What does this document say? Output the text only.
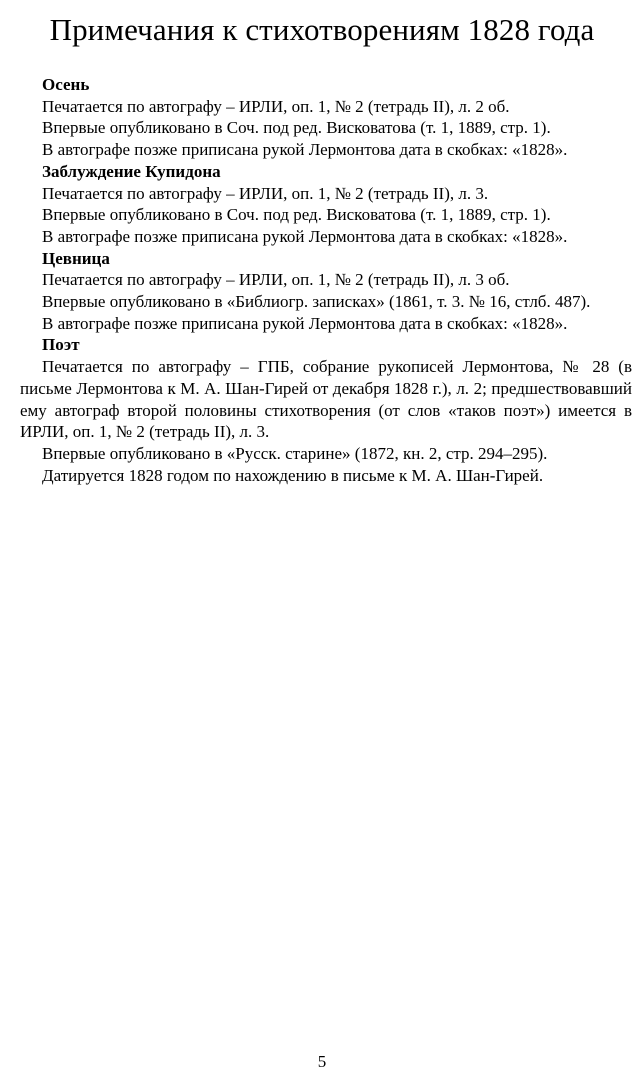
Примечания к стихотворениям 1828 года

Осень

Печатается по автографу – ИРЛИ, оп. 1, № 2 (тетрадь II), л. 2 об.

Впервые опубликовано в Соч. под ред. Висковатова (т. 1, 1889, стр. 1).

В автографе позже приписана рукой Лермонтова дата в скобках: «1828».

Заблуждение Купидона

Печатается по автографу – ИРЛИ, оп. 1, № 2 (тетрадь II), л. 3.

Впервые опубликовано в Соч. под ред. Висковатова (т. 1, 1889, стр. 1).

В автографе позже приписана рукой Лермонтова дата в скобках: «1828».

Цевница

Печатается по автографу – ИРЛИ, оп. 1, № 2 (тетрадь II), л. 3 об.

Впервые опубликовано в «Библиогр. записках» (1861, т. 3. № 16, стлб. 487).

В автографе позже приписана рукой Лермонтова дата в скобках: «1828».

Поэт

Печатается по автографу – ГПБ, собрание рукописей Лермонтова, № 28 (в письме Лермонтова к М. А. Шан-Гирей от декабря 1828 г.), л. 2; предшествовавший ему автограф второй половины стихотворения (от слов «таков поэт») имеется в ИРЛИ, оп. 1, № 2 (тетрадь II), л. 3.

Впервые опубликовано в «Русск. старине» (1872, кн. 2, стр. 294–295).

Датируется 1828 годом по нахождению в письме к М. А. Шан-Гирей.

5
